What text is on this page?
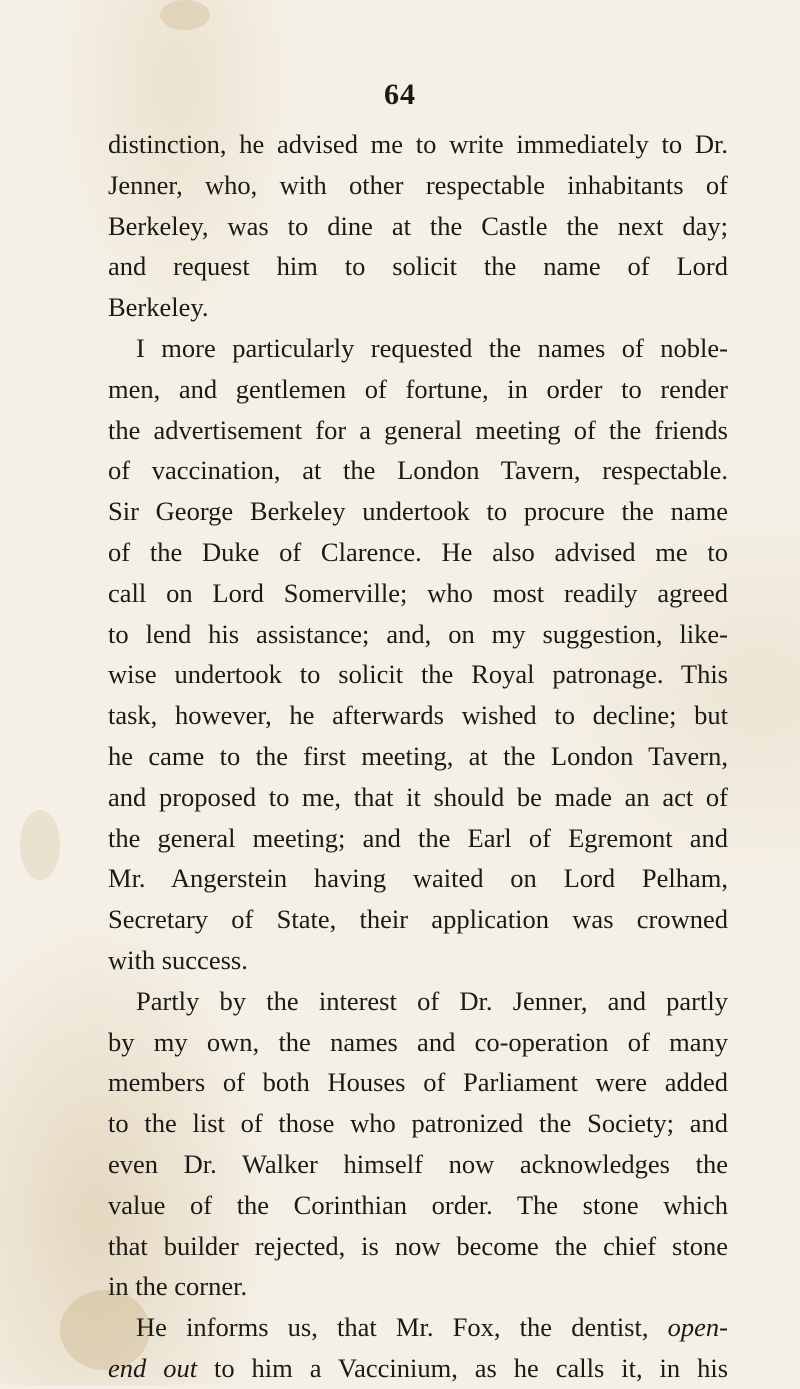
64
distinction, he advised me to write immediately to Dr.
Jenner, who, with other respectable inhabitants of
Berkeley, was to dine at the Castle the next day;
and request him to solicit the name of Lord
Berkeley.
I more particularly requested the names of noble-
men, and gentlemen of fortune, in order to render
the advertisement for a general meeting of the friends
of vaccination, at the London Tavern, respectable.
Sir George Berkeley undertook to procure the name
of the Duke of Clarence. He also advised me to
call on Lord Somerville; who most readily agreed
to lend his assistance; and, on my suggestion, like-
wise undertook to solicit the Royal patronage. This
task, however, he afterwards wished to decline; but
he came to the first meeting, at the London Tavern,
and proposed to me, that it should be made an act of
the general meeting; and the Earl of Egremont and
Mr. Angerstein having waited on Lord Pelham,
Secretary of State, their application was crowned
with success.
Partly by the interest of Dr. Jenner, and partly
by my own, the names and co-operation of many
members of both Houses of Parliament were added
to the list of those who patronized the Society; and
even Dr. Walker himself now acknowledges the
value of the Corinthian order. The stone which
that builder rejected, is now become the chief stone
in the corner.
He informs us, that Mr. Fox, the dentist, open-
end out to him a Vaccinium, as he calls it, in his
